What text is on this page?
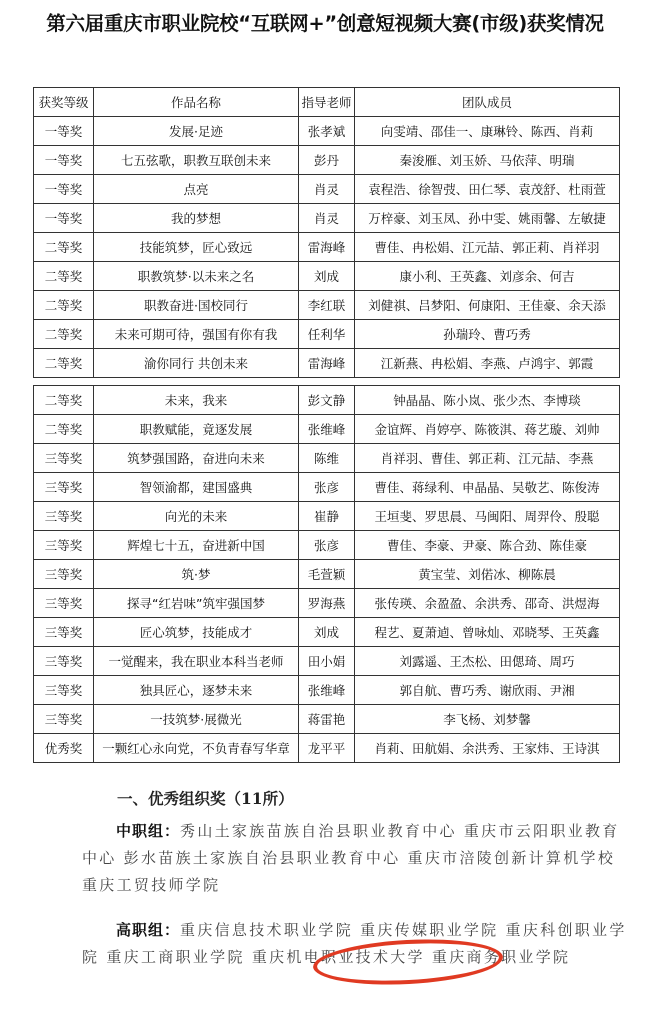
第六届重庆市职业院校“互联网+”创意短视频大赛(市级)获奖情况
获奖等级	作品名称	指导老师	团队成员
一等奖	发展·足迹	张孝斌	向雯靖、邵佳一、康琳铃、陈西、肖莉
一等奖	七五弦歌，职教互联创未来	彭丹	秦浚雁、刘玉娇、马依萍、明瑞
一等奖	点亮	肖灵	袁程浩、徐智弢、田仁琴、袁茂舒、杜雨萱
一等奖	我的梦想	肖灵	万梓豪、刘玉凤、孙中雯、姚雨馨、左敏捷
二等奖	技能筑梦，匠心致远	雷海峰	曹佳、冉松娟、江元喆、郭正莉、肖祥羽
二等奖	职教筑梦·以未来之名	刘成	康小利、王英鑫、刘彦余、何吉
二等奖	职教奋进·国校同行	李红联	刘健祺、吕梦阳、何康阳、王佳豪、余天添
二等奖	未来可期可待，强国有你有我	任利华	孙瑞玲、曹巧秀
二等奖	渝你同行 共创未来	雷海峰	江新燕、冉松娟、李燕、卢鸿宇、郭霞
二等奖	未来，我来	彭文静	钟晶晶、陈小岚、张少杰、李博琰
二等奖	职教赋能，竟逐发展	张维峰	金谊辉、肖婷亭、陈筱淇、蒋艺璇、刘帅
三等奖	筑梦强国路，奋进向未来	陈维	肖祥羽、曹佳、郭正莉、江元喆、李燕
三等奖	智领渝都，建国盛典	张彦	曹佳、蒋绿利、申晶晶、吴敬艺、陈俊涛
三等奖	向光的未来	崔静	王垣斐、罗思晨、马闽阳、周羿伶、殷聪
三等奖	辉煌七十五，奋进新中国	张彦	曹佳、李豪、尹豪、陈合劲、陈佳豪
三等奖	筑·梦	毛萱颖	黄宝莹、刘偌冰、柳陈晨
三等奖	探寻“红岩味”筑牢强国梦	罗海燕	张传瑛、余盈盈、余洪秀、邵奇、洪煜海
三等奖	匠心筑梦，技能成才	刘成	程艺、夏萧逌、曾咏灿、邓晓琴、王英鑫
三等奖	一觉醒来，我在职业本科当老师	田小娟	刘露遥、王杰松、田偲琦、周巧
三等奖	独具匠心，逐梦未来	张维峰	郭自航、曹巧秀、谢欣雨、尹湘
三等奖	一技筑梦·展微光	蒋雷艳	李飞杨、刘梦馨
优秀奖	一颗红心永向党，不负青春写华章	龙平平	肖莉、田航娟、余洪秀、王家炜、王诗淇
一、优秀组织奖（11所）
中职组：秀山土家族苗族自治县职业教育中心 重庆市云阳职业教育中心 彭水苗族土家族自治县职业教育中心 重庆市涪陵创新计算机学校 重庆工贸技师学院
高职组：重庆信息技术职业学院 重庆传媒职业学院 重庆科创职业学院 重庆工商职业学院 重庆机电职业技术大学 重庆商务职业学院
